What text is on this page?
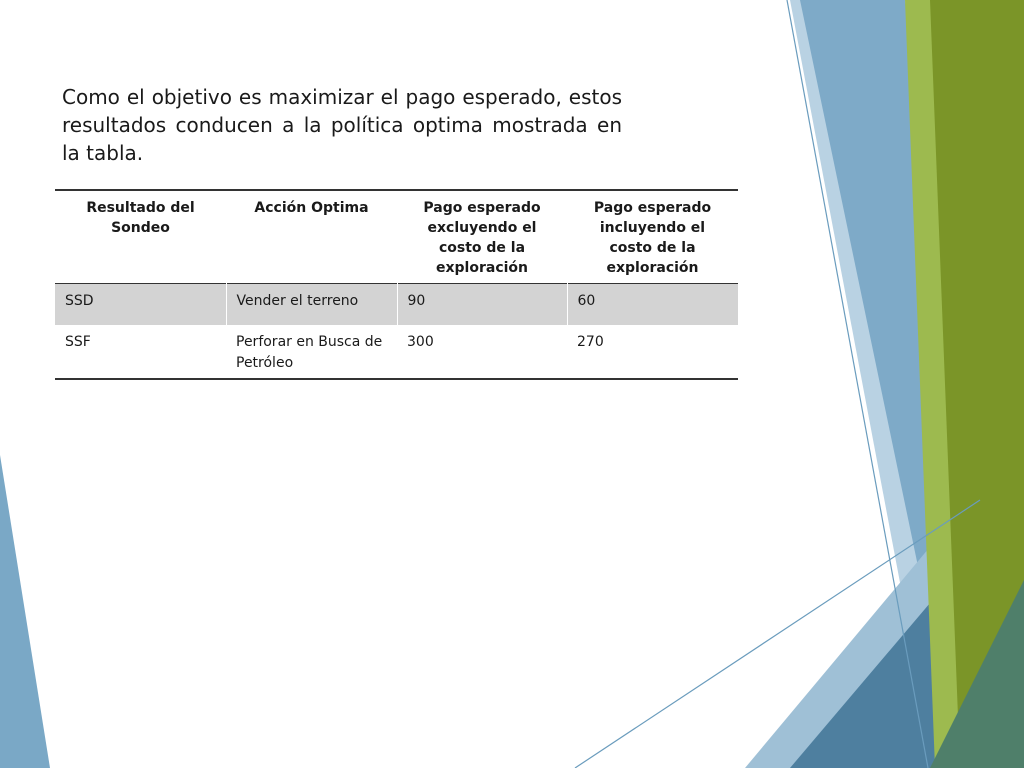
Como el objetivo es maximizar el pago esperado, estos resultados conducen a la política optima mostrada en la tabla.

Resultado del Sondeo	Acción Optima	Pago esperado excluyendo el costo de la exploración	Pago esperado incluyendo el costo de la exploración
SSD	Vender el terreno	90	60
SSF	Perforar en Busca de Petróleo	300	270
